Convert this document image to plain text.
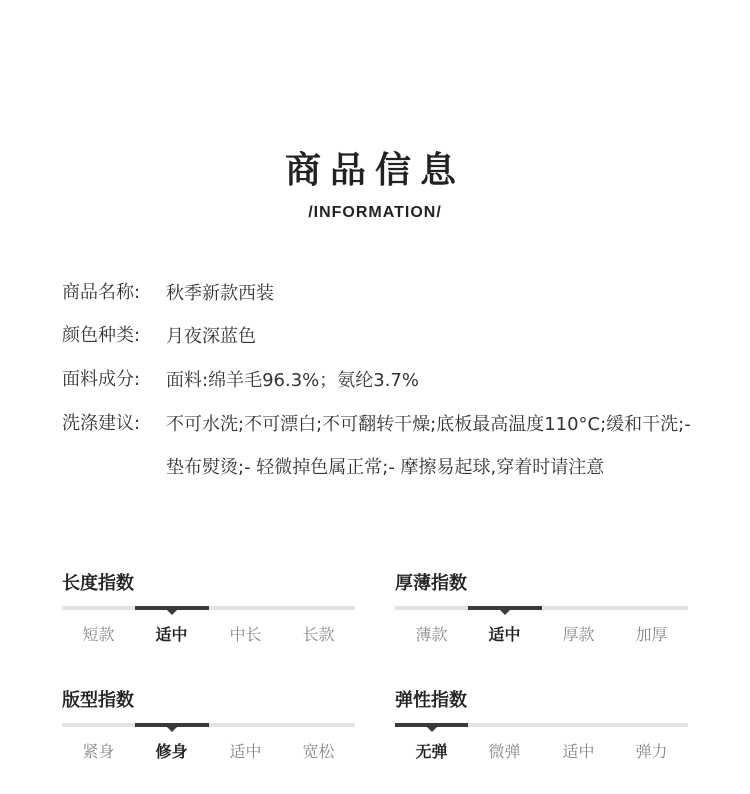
商品信息
/INFORMATION/
商品名称:	秋季新款西装
颜色种类:	月夜深蓝色
面料成分:	面料:绵羊毛96.3%；氨纶3.7%
洗涤建议:	不可水洗;不可漂白;不可翻转干燥;底板最高温度110°C;缓和干洗;- 垫布熨烫;- 轻微掉色属正常;- 摩擦易起球,穿着时请注意
长度指数
短款	适中	中长	长款
厚薄指数
薄款	适中	厚款	加厚
版型指数
紧身	修身	适中	宽松
弹性指数
无弹	微弹	适中	弹力
